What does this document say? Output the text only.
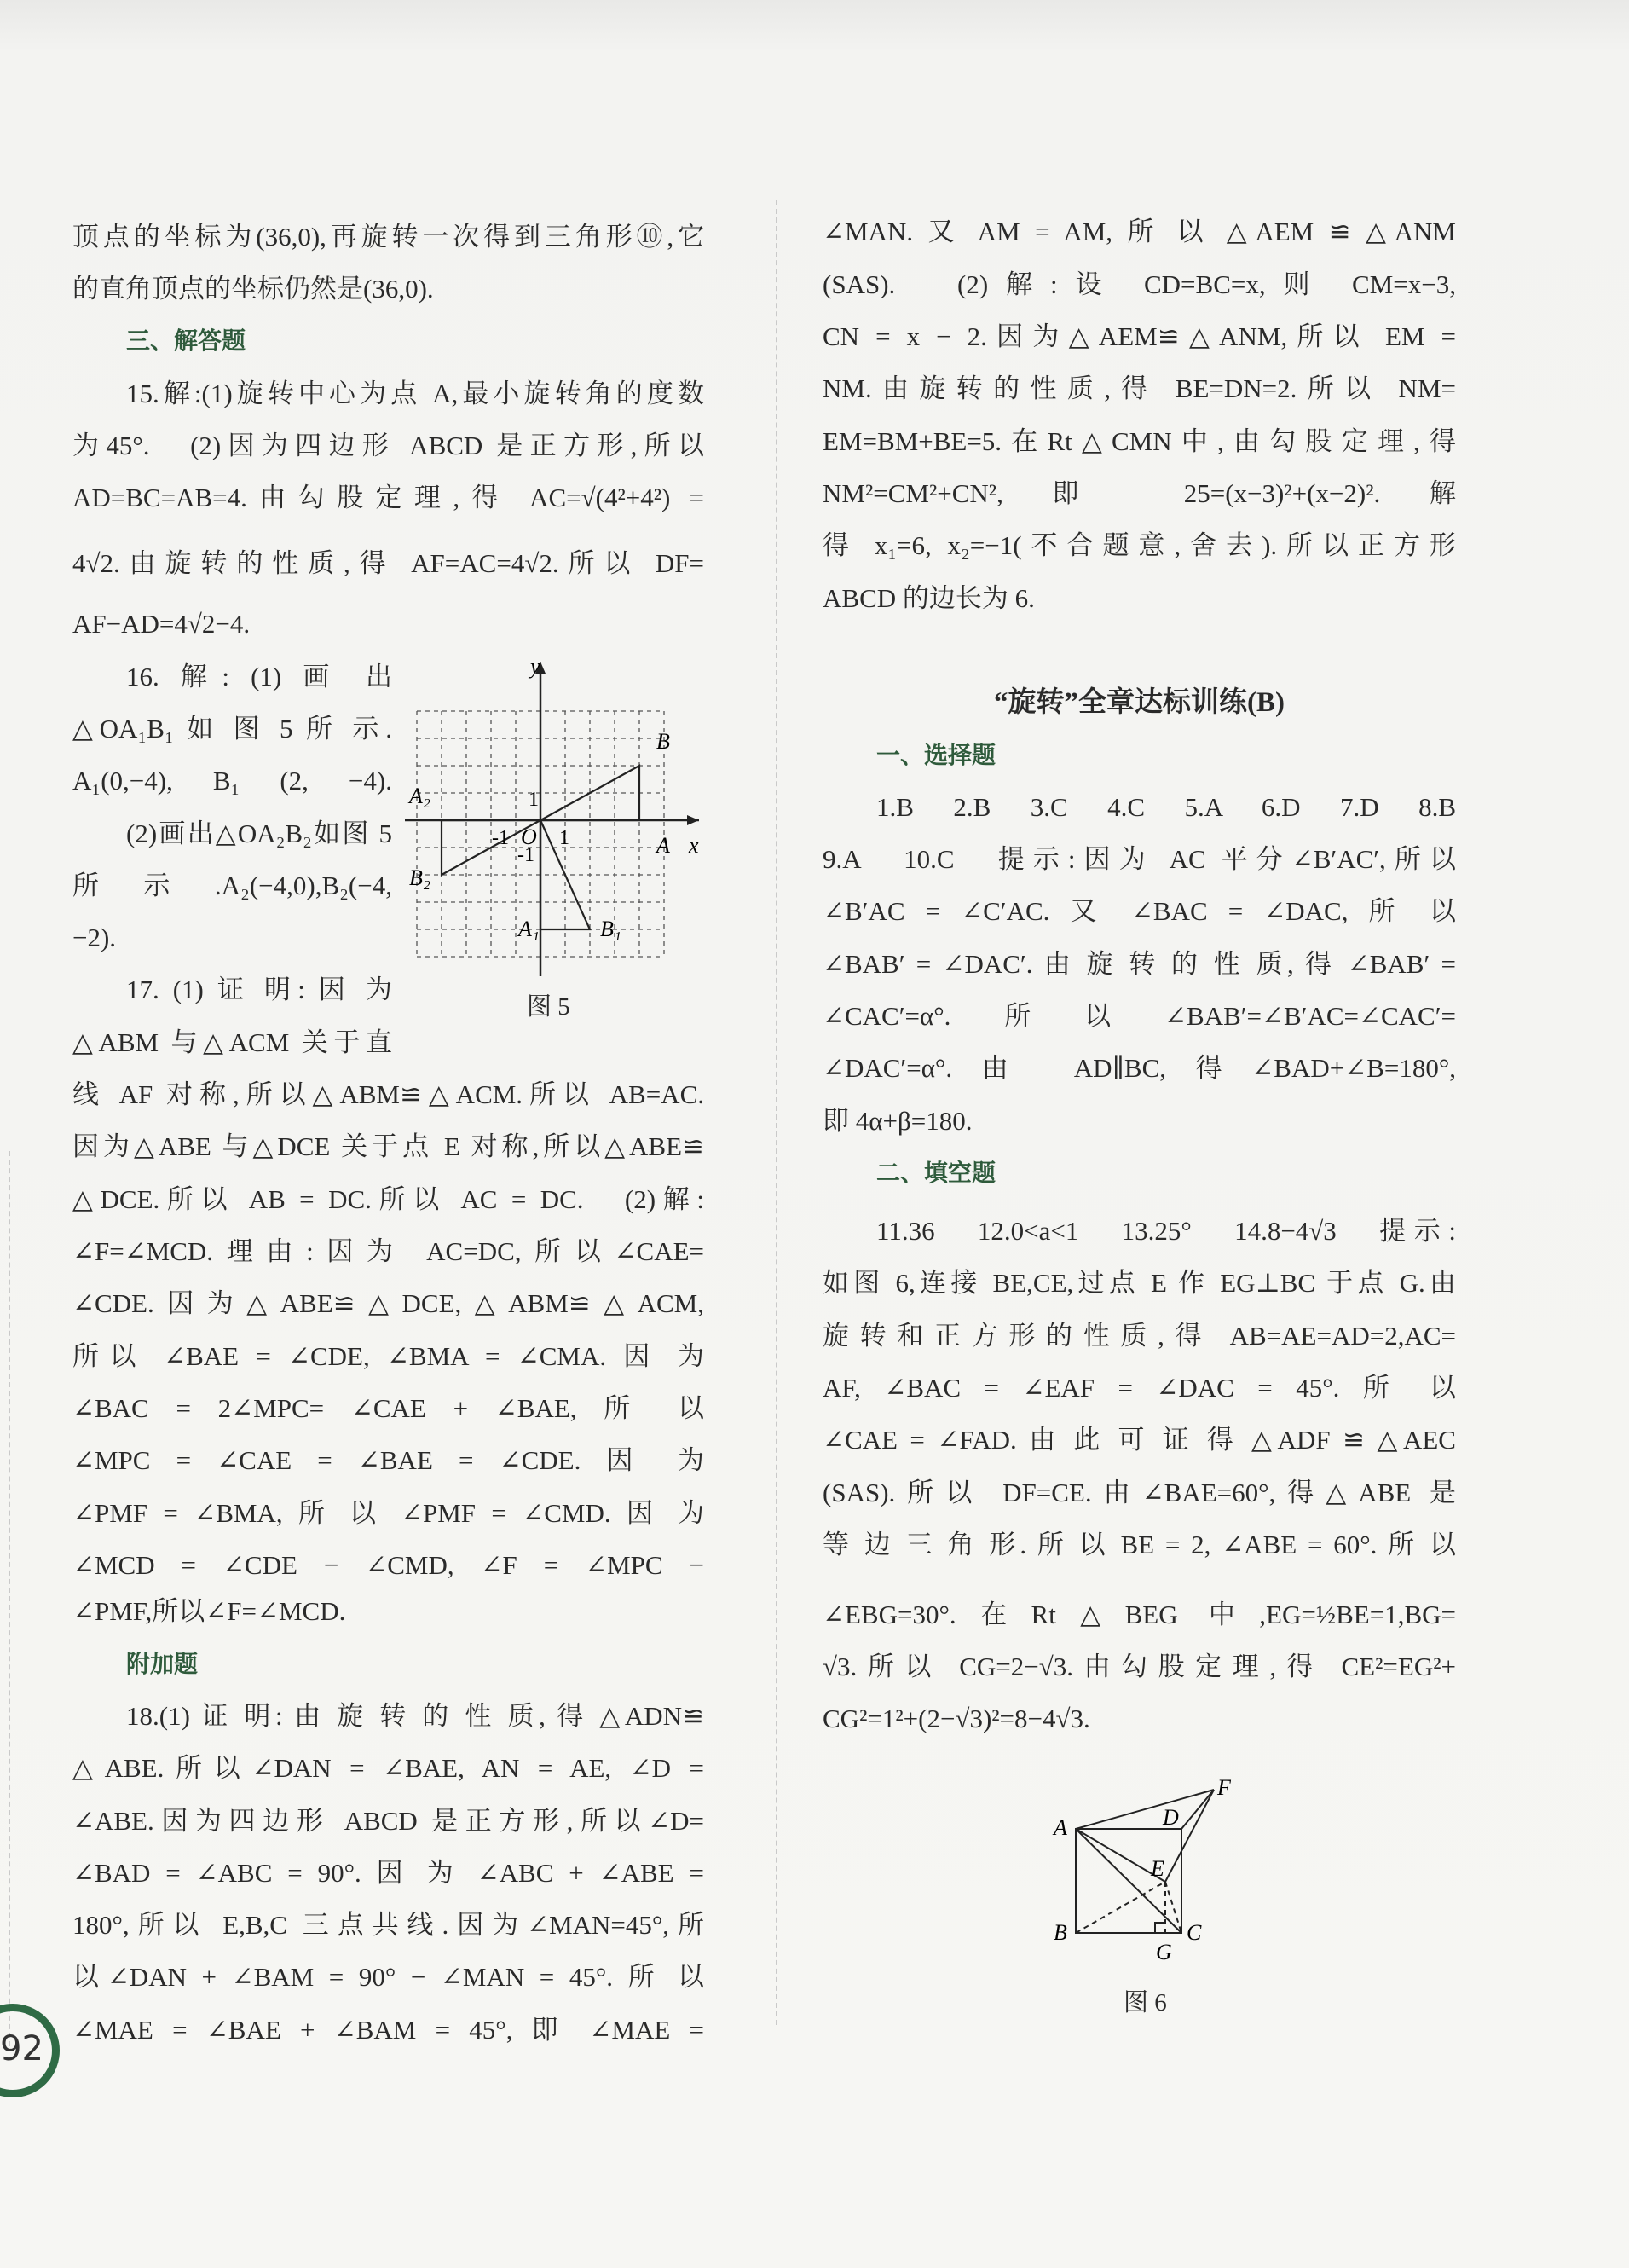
顶点的坐标为(36,0),再旋转一次得到三角形⑩,它
的直角顶点的坐标仍然是(36,0).
三、解答题
15.解:(1)旋转中心为点 A,最小旋转角的度数
为45°.　(2)因为四边形 ABCD 是正方形,所以
AD=BC=AB=4.由勾股定理,得 AC=√(4²+4²) =
4√2.由旋转的性质,得 AF=AC=4√2.所以 DF=
AF−AD=4√2−4.
16. 解: (1) 画 出
△OA₁B₁ 如 图 5 所 示.
A₁(0,−4), B₁ (2, −4).
(2)画出△OA₂B₂如图 5
所示.A₂(−4,0),B₂(−4,
−2).
17. (1) 证 明: 因 为
△ABM 与△ACM 关于直
线 AF 对称,所以△ABM≌△ACM.所以 AB=AC.
因为△ABE 与△DCE 关于点 E 对称,所以△ABE≌
△DCE.所以 AB = DC.所以 AC = DC.　(2)解:
∠F=∠MCD.理由:因为 AC=DC,所以∠CAE=
∠CDE.因为△ABE≌△DCE,△ABM≌△ACM,
所以 ∠BAE = ∠CDE, ∠BMA = ∠CMA. 因 为
∠BAC = 2∠MPC= ∠CAE + ∠BAE, 所 以
∠MPC = ∠CAE = ∠BAE = ∠CDE. 因 为
∠PMF = ∠BMA, 所 以 ∠PMF = ∠CMD. 因 为
∠MCD = ∠CDE − ∠CMD, ∠F = ∠MPC −
∠PMF,所以∠F=∠MCD.
附加题
18.(1) 证 明: 由 旋 转 的 性 质, 得 △ADN≌
△ABE.所以∠DAN = ∠BAE, AN = AE, ∠D =
∠ABE.因为四边形 ABCD 是正方形,所以∠D=
∠BAD = ∠ABC = 90°. 因 为 ∠ABC + ∠ABE =
180°,所以 E,B,C 三点共线.因为∠MAN=45°,所
以∠DAN + ∠BAM = 90° − ∠MAN = 45°. 所 以
∠MAE = ∠BAE + ∠BAM = 45°, 即 ∠MAE =
∠MAN. 又 AM = AM, 所 以 △AEM ≌ △ANM
(SAS).　(2)解:设 CD=BC=x,则 CM=x−3,
CN = x − 2.因为△AEM≌△ANM,所以 EM =
NM.由旋转的性质,得 BE=DN=2.所以 NM=
EM=BM+BE=5.在Rt△CMN中,由勾股定理,得
NM²=CM²+CN²,即 25=(x−3)²+(x−2)².解
得 x₁=6, x₂=−1(不合题意,舍去).所以正方形
ABCD 的边长为 6.
“旋转”全章达标训练(B)
一、选择题
1.B　2.B　3.C　4.C　5.A　6.D　7.D　8.B
9.A　10.C　提示:因为 AC 平分∠B′AC′,所以
∠B′AC = ∠C′AC. 又 ∠BAC = ∠DAC, 所 以
∠BAB′ = ∠DAC′. 由 旋 转 的 性 质, 得 ∠BAB′ =
∠CAC′=α°.所以∠BAB′=∠B′AC=∠CAC′=
∠DAC′=α°.由 AD∥BC,得∠BAD+∠B=180°,
即 4α+β=180.
二、填空题
11.36　12.0<a<1　13.25°　14.8−4√3　提示:
如图 6,连接 BE,CE,过点 E 作 EG⊥BC 于点 G.由
旋转和正方形的性质,得 AB=AE=AD=2,AC=
AF, ∠BAC = ∠EAF = ∠DAC = 45°. 所 以
∠CAE = ∠FAD. 由 此 可 证 得 △ADF ≌ △AEC
(SAS).所以 DF=CE.由∠BAE=60°,得△ABE 是
等 边 三 角 形. 所 以 BE = 2, ∠ABE = 60°. 所 以
∠EBG=30°.在Rt△BEG 中,EG=½BE=1,BG=
√3.所以 CG=2−√3.由勾股定理,得 CE²=EG²+
CG²=1²+(2−√3)²=8−4√3.
y
x
O
1
1
-1
-1
B
A
A₂
B₂
A₁	B₁
图 5
A
B	C
D
E
F
G
图 6
92
